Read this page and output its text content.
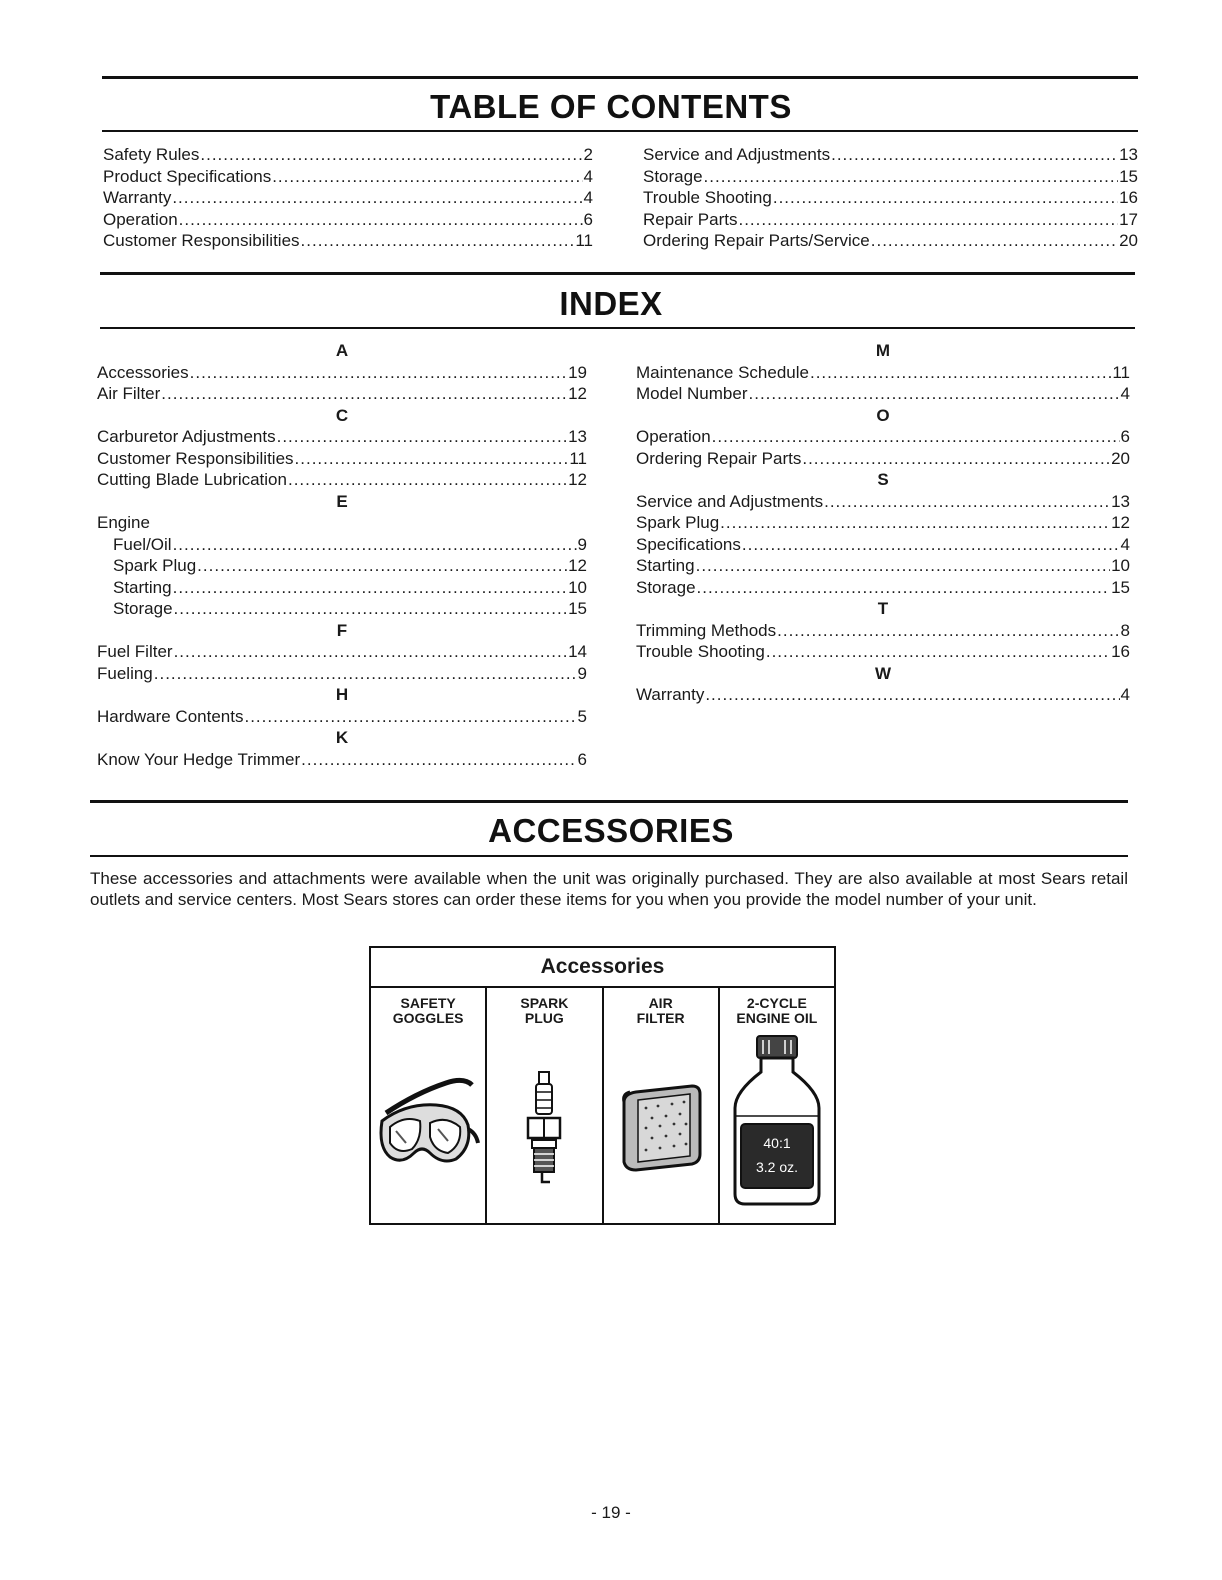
TABLE OF CONTENTS
Safety Rules .....	2
Product Specifications .....	4
Warranty .....	4
Operation .....	6
Customer Responsibilities .....	11
Service and Adjustments .....	13
Storage .....	15
Trouble Shooting .....	16
Repair Parts .....	17
Ordering Repair Parts/Service .....	20
INDEX
A
Accessories .....	19
Air Filter .....	12
C
Carburetor Adjustments .....	13
Customer Responsibilities .....	11
Cutting Blade Lubrication .....	12
E
Engine
Fuel/Oil .....	9
Spark Plug .....	12
Starting .....	10
Storage .....	15
F
Fuel Filter .....	14
Fueling .....	9
H
Hardware Contents .....	5
K
Know Your Hedge Trimmer .....	6
M
Maintenance Schedule .....	11
Model Number .....	4
O
Operation .....	6
Ordering Repair Parts .....	20
S
Service and Adjustments .....	13
Spark Plug .....	12
Specifications .....	4
Starting .....	10
Storage .....	15
T
Trimming Methods .....	8
Trouble Shooting .....	16
W
Warranty .....	4
ACCESSORIES
These accessories and attachments were available when the unit was originally purchased. They are also available at most Sears retail outlets and service centers. Most Sears stores can order these items for you when you provide the model number of your unit.
Accessories
SAFETY
GOGGLES
SPARK
PLUG
AIR
FILTER
2-CYCLE
ENGINE OIL
40:1
3.2 oz.
- 19 -
